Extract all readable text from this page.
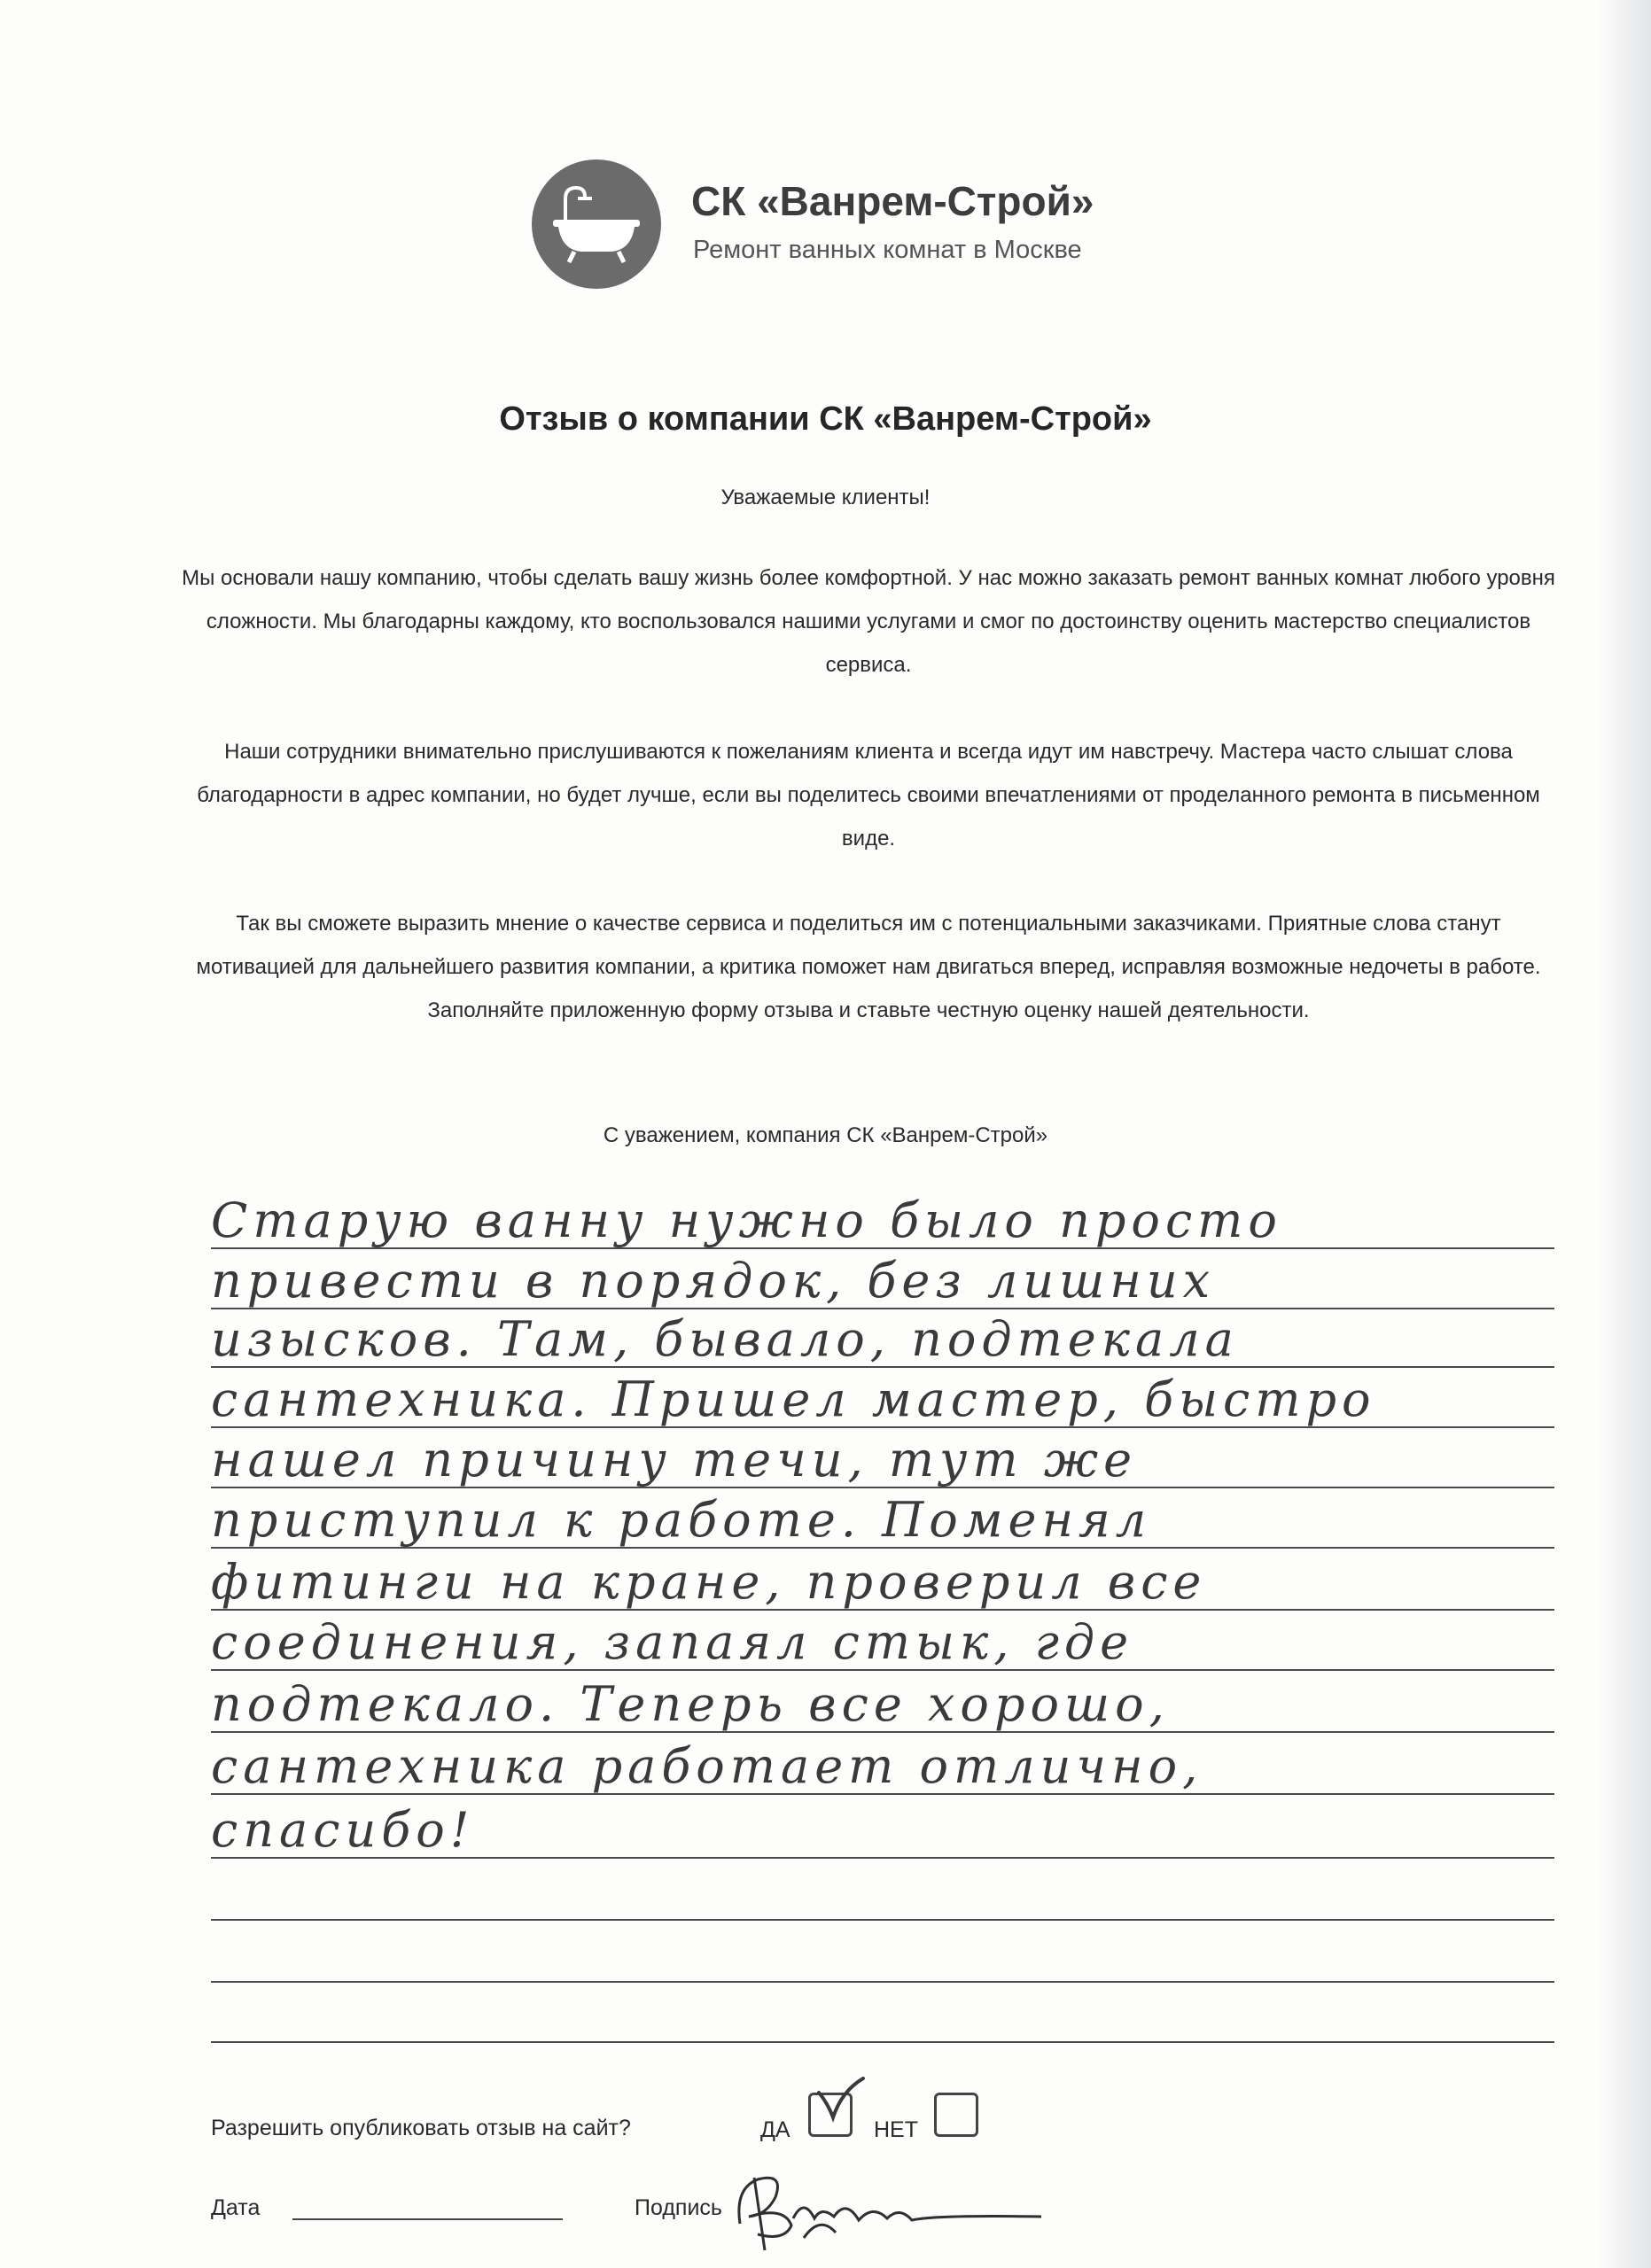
СК «Ванрем-Строй»
Ремонт ванных комнат в Москве
Отзыв о компании СК «Ванрем-Строй»
Уважаемые клиенты!
Мы основали нашу компанию, чтобы сделать вашу жизнь более комфортной. У нас можно заказать ремонт ванных комнат любого уровня сложности. Мы благодарны каждому, кто воспользовался нашими услугами и смог по достоинству оценить мастерство специалистов сервиса.
Наши сотрудники внимательно прислушиваются к пожеланиям клиента и всегда идут им навстречу. Мастера часто слышат слова благодарности в адрес компании, но будет лучше, если вы поделитесь своими впечатлениями от проделанного ремонта в письменном виде.
Так вы сможете выразить мнение о качестве сервиса и поделиться им с потенциальными заказчиками. Приятные слова станут мотивацией для дальнейшего развития компании, а критика поможет нам двигаться вперед, исправляя возможные недочеты в работе. Заполняйте приложенную форму отзыва и ставьте честную оценку нашей деятельности.
С уважением, компания СК «Ванрем-Строй»
Старую ванну нужно было просто
привести в порядок, без лишних
изысков. Там, бывало, подтекала
сантехника. Пришел мастер, быстро
нашел причину течи, тут же
приступил к работе. Поменял
фитинги на кране, проверил все
соединения, запаял стык, где
подтекало. Теперь все хорошо,
сантехника работает отлично,
спасибо!
Разрешить опубликовать отзыв на сайт?	ДА	НЕТ
Дата	Подпись
